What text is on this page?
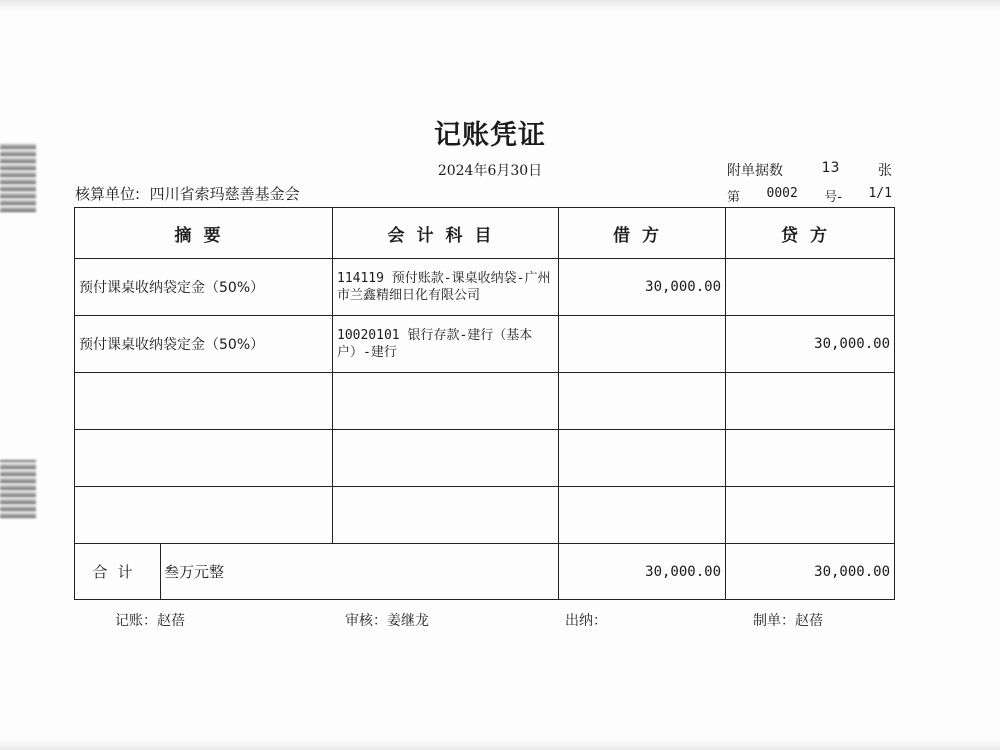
记账凭证
2024年6月30日	附单据数	13	张
核算单位: 四川省索玛慈善基金会	第 0002 号- 1/1
摘要		会计科目	借方	贷方
预付课桌收纳袋定金（50%）		114119 预付账款-课桌收纳袋-广州市兰鑫精细日化有限公司	30,000.00	
预付课桌收纳袋定金（50%）		10020101 银行存款-建行（基本户）-建行		30,000.00

合计	叁万元整		30,000.00	30,000.00
记账：赵蓓	审核：姜继龙	出纳：	制单：赵蓓
